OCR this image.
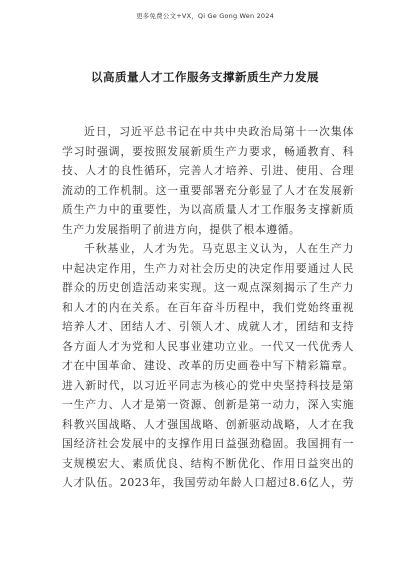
更多免费公文+VX，Qi Ge Gong Wen 2024
以高质量人才工作服务支撑新质生产力发展
近日，习近平总书记在中共中央政治局第十一次集体
学习时强调，要按照发展新质生产力要求，畅通教育、科
技、人才的良性循环，完善人才培养、引进、使用、合理
流动的工作机制。这一重要部署充分彰显了人才在发展新
质生产力中的重要性，为以高质量人才工作服务支撑新质
生产力发展指明了前进方向，提供了根本遵循。
千秋基业，人才为先。马克思主义认为，人在生产力
中起决定作用，生产力对社会历史的决定作用要通过人民
群众的历史创造活动来实现。这一观点深刻揭示了生产力
和人才的内在关系。在百年奋斗历程中，我们党始终重视
培养人才、团结人才、引领人才、成就人才，团结和支持
各方面人才为党和人民事业建功立业。一代又一代优秀人
才在中国革命、建设、改革的历史画卷中写下精彩篇章。
进入新时代，以习近平同志为核心的党中央坚持科技是第
一生产力、人才是第一资源、创新是第一动力，深入实施
科教兴国战略、人才强国战略、创新驱动战略，人才在我
国经济社会发展中的支撑作用日益强劲稳固。我国拥有一
支规模宏大、素质优良、结构不断优化、作用日益突出的
人才队伍。2023年，我国劳动年龄人口超过8.6亿人，劳
